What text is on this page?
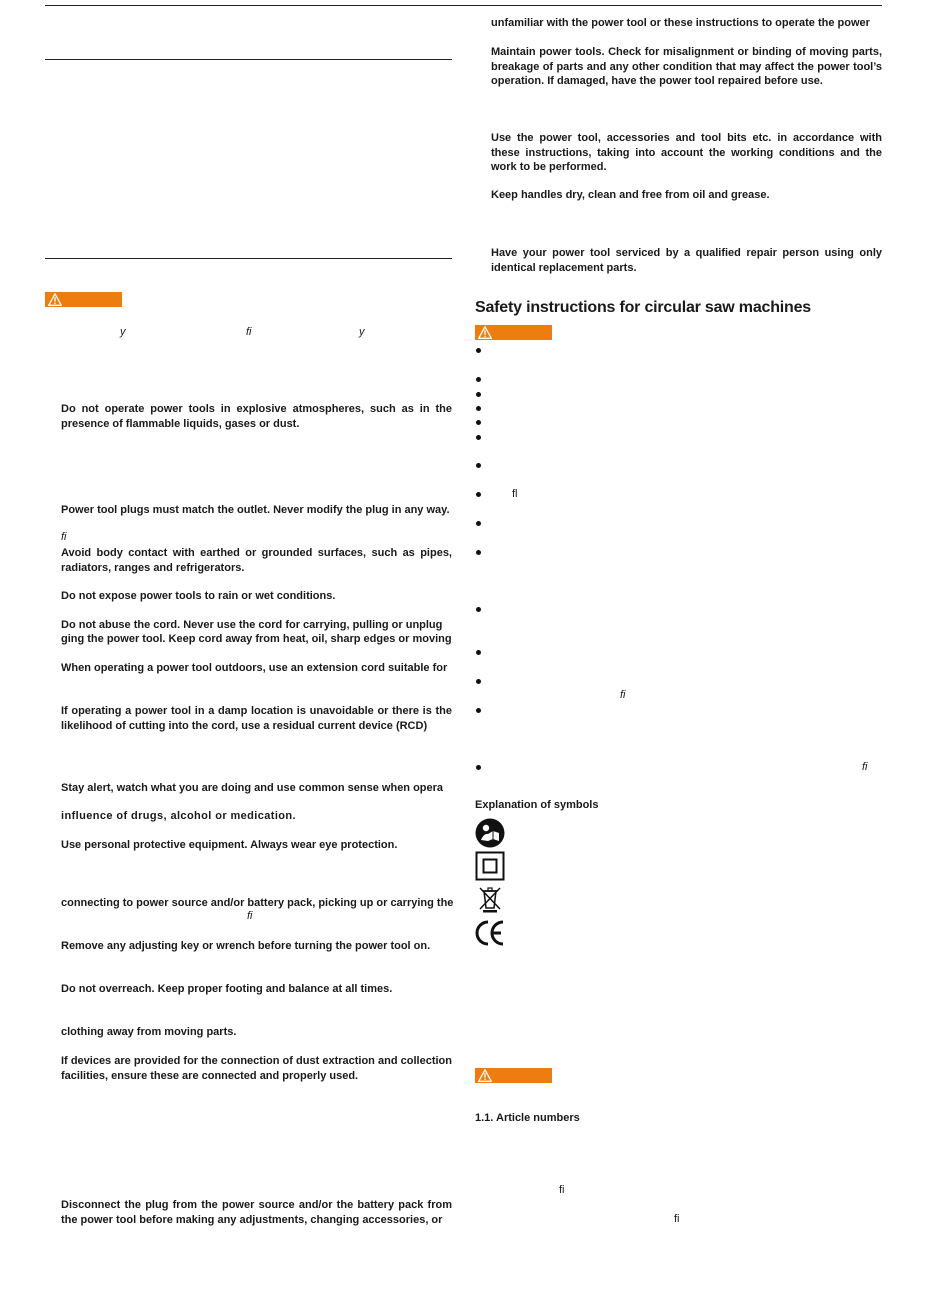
y	fi	y

Do not operate power tools in explosive atmospheres, such as in the presence of flammable liquids, gases or dust.

Power tool plugs must match the outlet. Never modify the plug in any way.
fi

Avoid body contact with earthed or grounded surfaces, such as pipes, radiators, ranges and refrigerators.

Do not expose power tools to rain or wet conditions.
Do not abuse the cord. Never use the cord for carrying, pulling or unplug
ging the power tool. Keep cord away from heat, oil, sharp edges or moving
When operating a power tool outdoors, use an extension cord suitable for

If operating a power tool in a damp location is unavoidable or there is the likelihood of cutting into the cord, use a residual current device (RCD)

Stay alert, watch what you are doing and use common sense when opera
influence of drugs, alcohol or medication.
Use personal protective equipment. Always wear eye protection.
connecting to power source and/or battery pack, picking up or carrying the
fi
Remove any adjusting key or wrench before turning the power tool on.
Do not overreach. Keep proper footing and balance at all times.
clothing away from moving parts.

If devices are provided for the connection of dust extraction and collection facilities, ensure these are connected and properly used.

Disconnect the plug from the power source and/or the battery pack from the power tool before making any adjustments, changing accessories, or

unfamiliar with the power tool or these instructions to operate the power

Maintain power tools. Check for misalignment or binding of moving parts, breakage of parts and any other condition that may affect the power tool’s operation. If damaged, have the power tool repaired before use.

Use the power tool, accessories and tool bits etc. in accordance with these instructions, taking into account the working conditions and the work to be performed.

Keep handles dry, clean and free from oil and grease.

Have your power tool serviced by a qualified repair person using only identical replacement parts.

Safety instructions for circular saw machines
fl
fi
fi
Explanation of symbols
1.1. Article numbers
fi
fi
